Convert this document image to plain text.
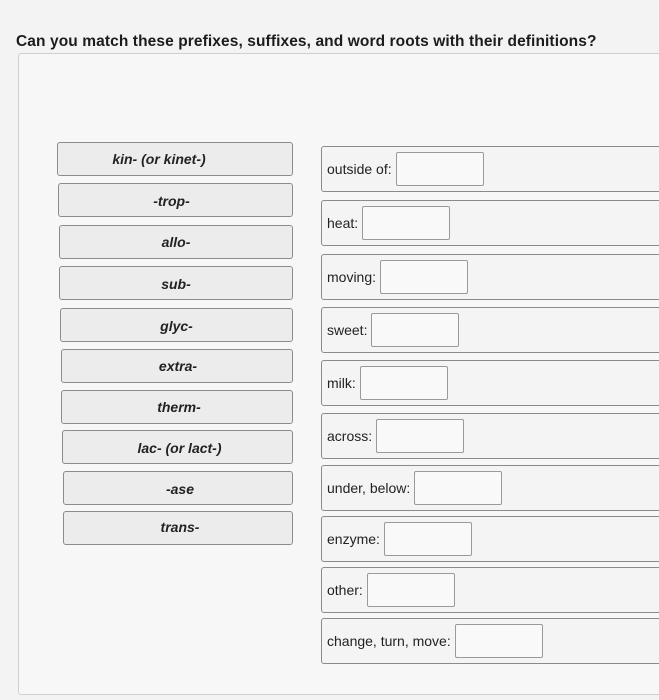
Can you match these prefixes, suffixes, and word roots with their definitions?
kin- (or kinet-)
-trop-
allo-
sub-
glyc-
extra-
therm-
lac- (or lact-)
-ase
trans-
outside of:
heat:
moving:
sweet:
milk:
across:
under, below:
enzyme:
other:
change, turn, move:
